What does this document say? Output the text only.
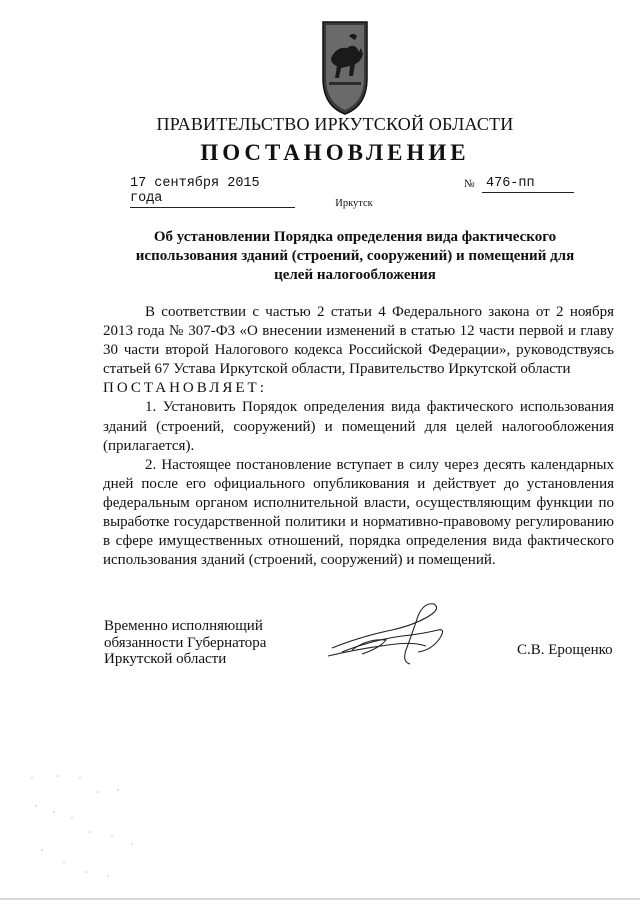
ПРАВИТЕЛЬСТВО ИРКУТСКОЙ ОБЛАСТИ
ПОСТАНОВЛЕНИЕ
17 сентября 2015 года
№ 476-пп
Иркутск
Об установлении Порядка определения вида фактического использования зданий (строений, сооружений) и помещений для целей налогообложения

В соответствии с частью 2 статьи 4 Федерального закона от 2 ноября 2013 года № 307-ФЗ «О внесении изменений в статью 12 части первой и главу 30 части второй Налогового кодекса Российской Федерации», руководствуясь статьей 67 Устава Иркутской области, Правительство Иркутской области

ПОСТАНОВЛЯЕТ:

1. Установить Порядок определения вида фактического использования зданий (строений, сооружений) и помещений для целей налогообложения (прилагается).

2. Настоящее постановление вступает в силу через десять календарных дней после его официального опубликования и действует до установления федеральным органом исполнительной власти, осуществляющим функции по выработке государственной политики и нормативно-правовому регулированию в сфере имущественных отношений, порядка определения вида фактического использования зданий (строений, сооружений) и помещений.

Временно исполняющий
обязанности Губернатора
Иркутской области
С.В. Ерощенко
